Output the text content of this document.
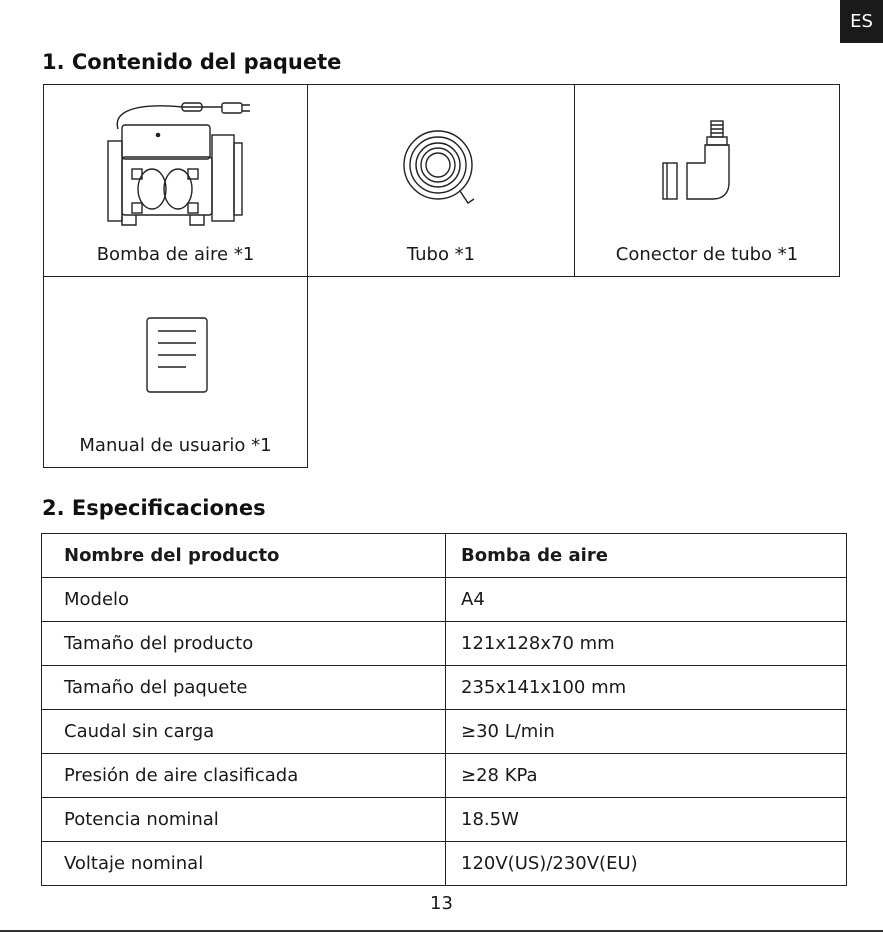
ES
1. Contenido del paquete
Bomba de aire *1	Tubo *1	Conector de tubo *1
Manual de usuario *1
2. Especificaciones
Nombre del producto	Bomba de aire
Modelo	A4
Tamaño del producto	121x128x70 mm
Tamaño del paquete	235x141x100 mm
Caudal sin carga	≥30 L/min
Presión de aire clasificada	≥28 KPa
Potencia nominal	18.5W
Voltaje nominal	120V(US)/230V(EU)
13
